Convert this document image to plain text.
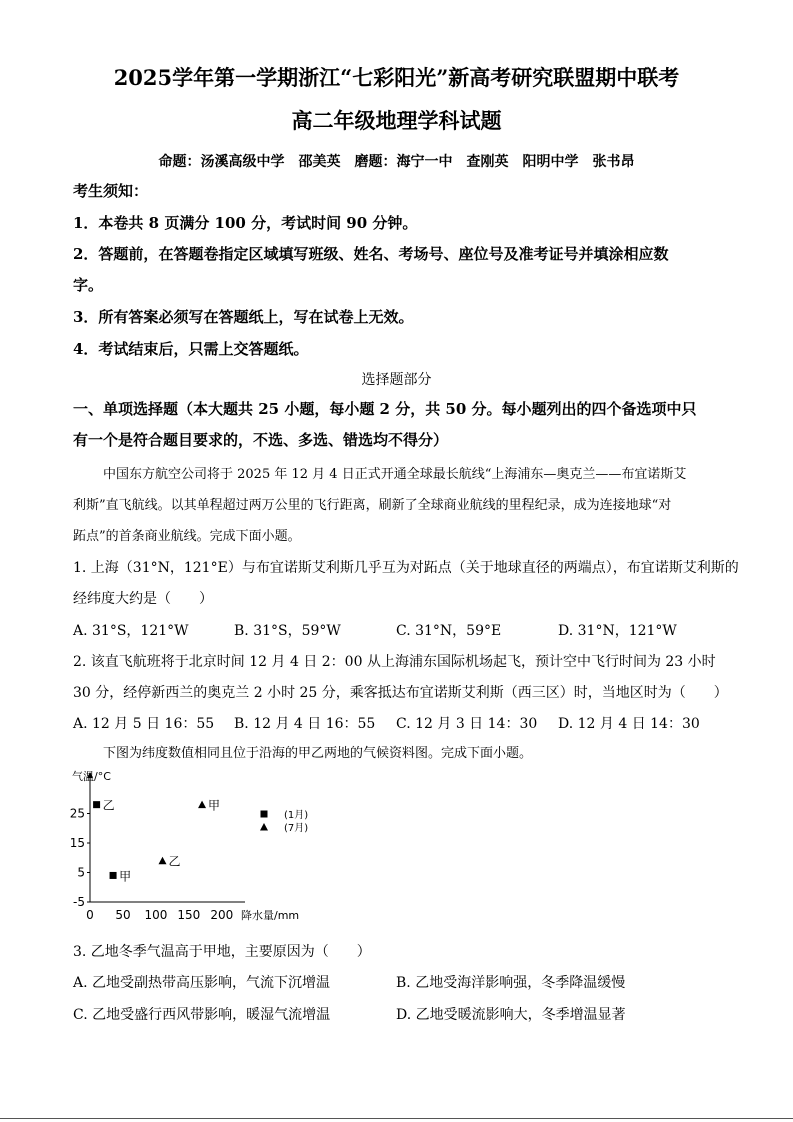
2025学年第一学期浙江“七彩阳光”新高考研究联盟期中联考
高二年级地理学科试题
命题：汤溪高级中学　邵美英　磨题：海宁一中　查刚英　阳明中学　张书昂
考生须知：
1．本卷共 8 页满分 100 分，考试时间 90 分钟。
2．答题前，在答题卷指定区域填写班级、姓名、考场号、座位号及准考证号并填涂相应数
字。
3．所有答案必须写在答题纸上，写在试卷上无效。
4．考试结束后，只需上交答题纸。
选择题部分
一、单项选择题（本大题共 25 小题，每小题 2 分，共 50 分。每小题列出的四个备选项中只
有一个是符合题目要求的，不选、多选、错选均不得分）
中国东方航空公司将于 2025 年 12 月 4 日正式开通全球最长航线“上海浦东—奥克兰——布宜诺斯艾
利斯”直飞航线。以其单程超过两万公里的飞行距离，刷新了全球商业航线的里程纪录，成为连接地球“对
跖点”的首条商业航线。完成下面小题。
1. 上海（31°N，121°E）与布宜诺斯艾利斯几乎互为对跖点（关于地球直径的两端点），布宜诺斯艾利斯的
经纬度大约是（　　）
A. 31°S，121°W	B. 31°S，59°W	C. 31°N，59°E	D. 31°N，121°W
2. 该直飞航班将于北京时间 12 月 4 日 2：00 从上海浦东国际机场起飞，预计空中飞行时间为 23 小时
30 分，经停新西兰的奥克兰 2 小时 25 分，乘客抵达布宜诺斯艾利斯（西三区）时，当地区时为（　　）
A. 12 月 5 日 16：55 B. 12 月 4 日 16：55 C. 12 月 3 日 14：30 D. 12 月 4 日 14：30
下图为纬度数值相同且位于沿海的甲乙两地的气候资料图。完成下面小题。
气温/°C
降水量/mm
-5
5
15
25
0 50 100 150 200
乙	甲
乙
甲
(1月)
(7月)
3. 乙地冬季气温高于甲地，主要原因为（　　）
A. 乙地受副热带高压影响，气流下沉增温	B. 乙地受海洋影响强，冬季降温缓慢
C. 乙地受盛行西风带影响，暖湿气流增温	D. 乙地受暖流影响大，冬季增温显著
